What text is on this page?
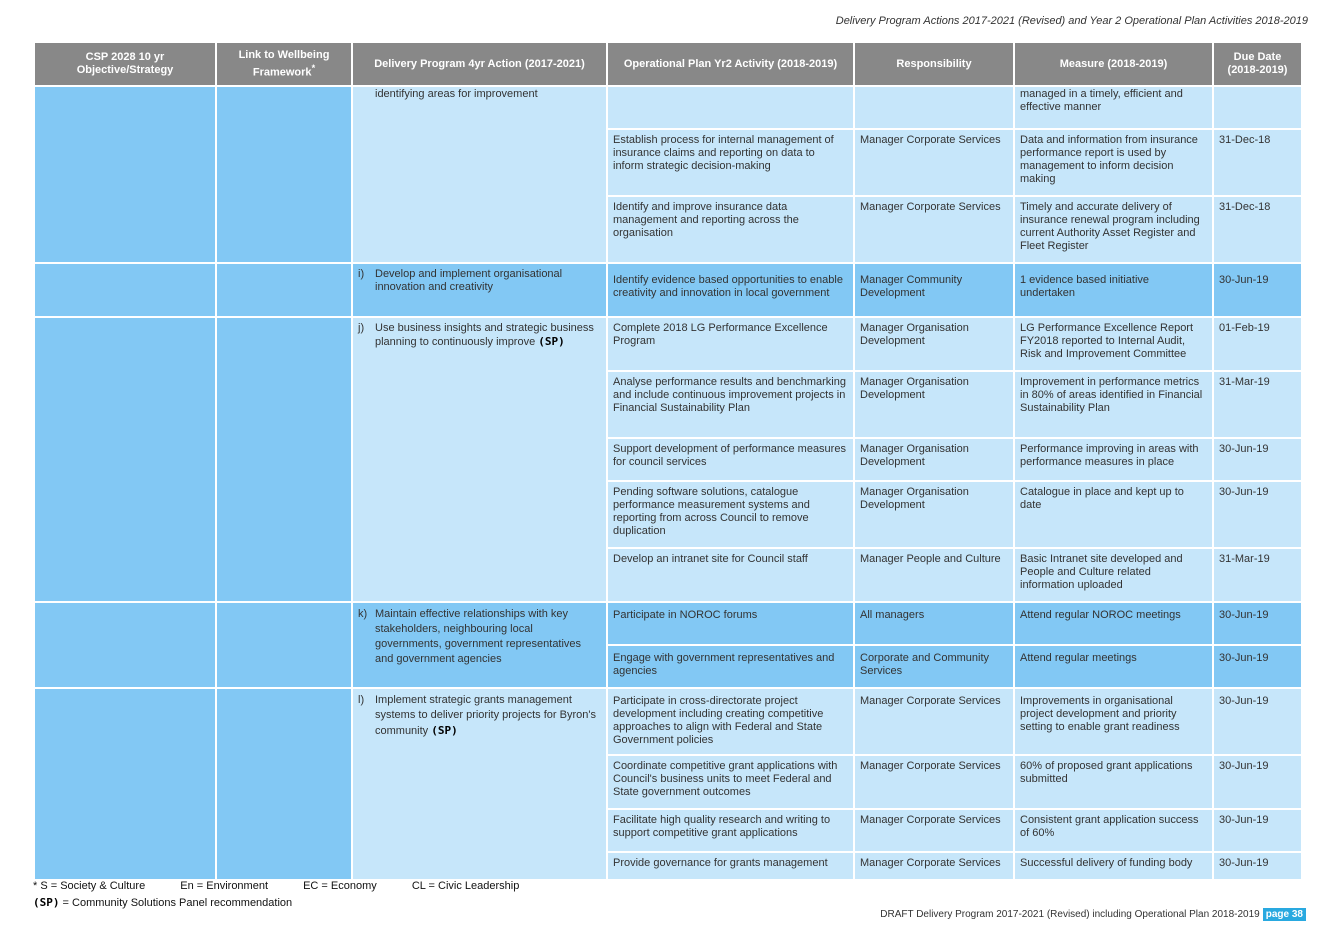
Delivery Program Actions 2017-2021 (Revised) and Year 2 Operational Plan Activities 2018-2019
CSP 2028 10 yr Objective/Strategy	Link to Wellbeing Framework*	Delivery Program 4yr Action (2017-2021)	Operational Plan Yr2 Activity (2018-2019)	Responsibility	Measure (2018-2019)	Due Date (2018-2019)
		identifying areas for improvement			managed in a timely, efficient and effective manner	
			Establish process for internal management of insurance claims and reporting on data to inform strategic decision-making	Manager Corporate Services	Data and information from insurance performance report is used by management to inform decision making	31-Dec-18
			Identify and improve insurance data management and reporting across the organisation	Manager Corporate Services	Timely and accurate delivery of insurance renewal program including current Authority Asset Register and Fleet Register	31-Dec-18

		i) Develop and implement organisational innovation and creativity	Identify evidence based opportunities to enable creativity and innovation in local government	Manager Community Development	1 evidence based initiative undertaken	30-Jun-19

		j) Use business insights and strategic business planning to continuously improve (SP)	Complete 2018 LG Performance Excellence Program	Manager Organisation Development	LG Performance Excellence Report FY2018 reported to Internal Audit, Risk and Improvement Committee	01-Feb-19
			Analyse performance results and benchmarking and include continuous improvement projects in Financial Sustainability Plan	Manager Organisation Development	Improvement in performance metrics in 80% of areas identified in Financial Sustainability Plan	31-Mar-19
			Support development of performance measures for council services	Manager Organisation Development	Performance improving in areas with performance measures in place	30-Jun-19
			Pending software solutions, catalogue performance measurement systems and reporting from across Council to remove duplication	Manager Organisation Development	Catalogue in place and kept up to date	30-Jun-19
			Develop an intranet site for Council staff	Manager People and Culture	Basic Intranet site developed and People and Culture related information uploaded	31-Mar-19

		k) Maintain effective relationships with key stakeholders, neighbouring local governments, government representatives and government agencies	Participate in NOROC forums	All managers	Attend regular NOROC meetings	30-Jun-19
			Engage with government representatives and agencies	Corporate and Community Services	Attend regular meetings	30-Jun-19

		l) Implement strategic grants management systems to deliver priority projects for Byron's community (SP)	Participate in cross-directorate project development including creating competitive approaches to align with Federal and State Government policies	Manager Corporate Services	Improvements in organisational project development and priority setting to enable grant readiness	30-Jun-19
			Coordinate competitive grant applications with Council's business units to meet Federal and State government outcomes	Manager Corporate Services	60% of proposed grant applications submitted	30-Jun-19
			Facilitate high quality research and writing to support competitive grant applications	Manager Corporate Services	Consistent grant application success of 60%	30-Jun-19
			Provide governance for grants management	Manager Corporate Services	Successful delivery of funding body	30-Jun-19
* S = Society & Culture	En = Environment	EC = Economy	CL = Civic Leadership
(SP) = Community Solutions Panel recommendation
DRAFT Delivery Program 2017-2021 (Revised) including Operational Plan 2018-2019 page 38
